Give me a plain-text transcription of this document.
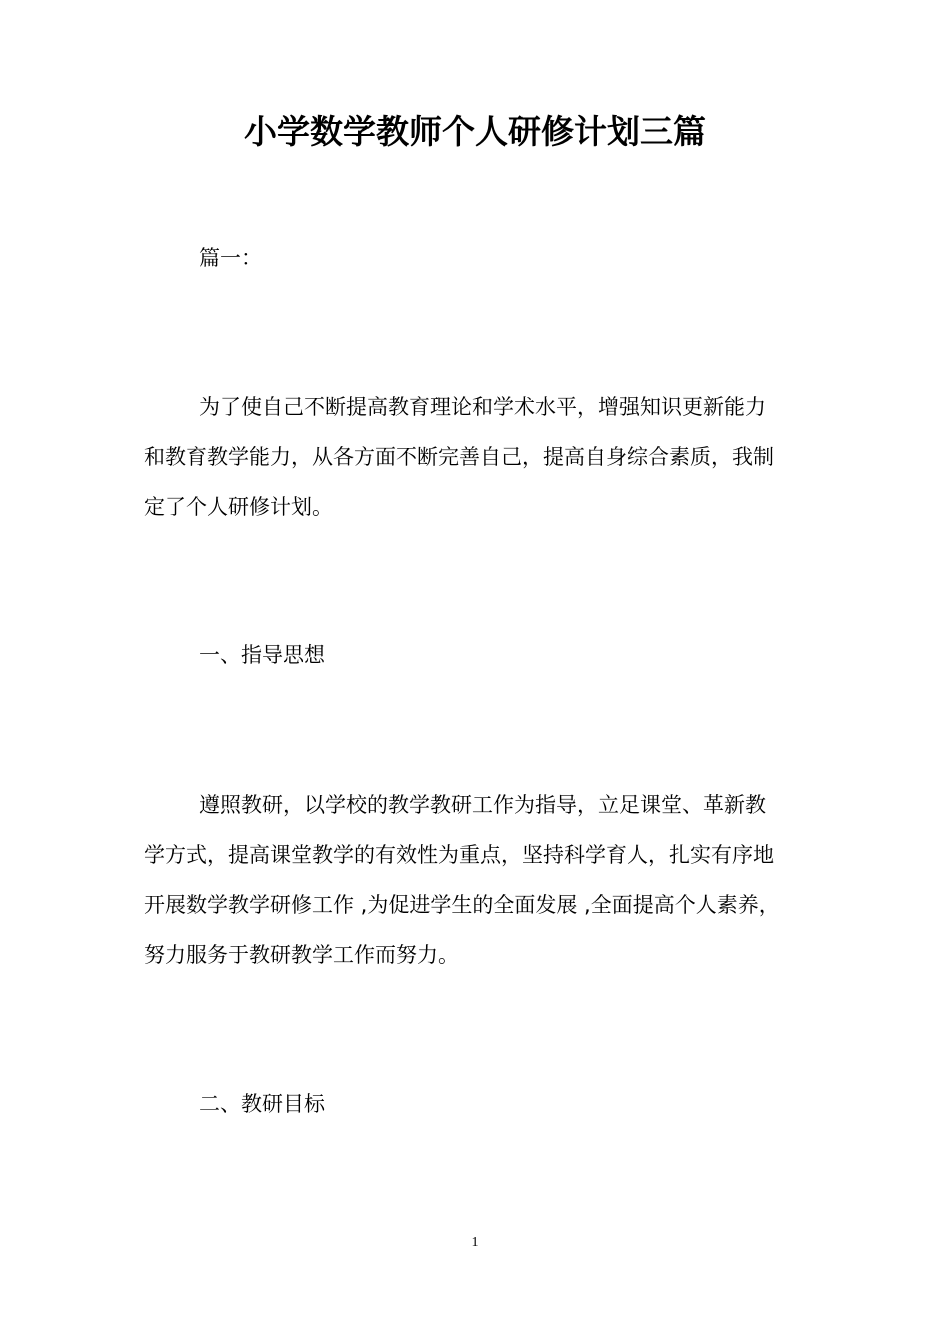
小学数学教师个人研修计划三篇
篇一：
为了使自己不断提高教育理论和学术水平，增强知识更新能力
和教育教学能力，从各方面不断完善自己，提高自身综合素质，我制
定了个人研修计划。
一、指导思想
遵照教研，以学校的教学教研工作为指导，立足课堂、革新教
学方式，提高课堂教学的有效性为重点，坚持科学育人，扎实有序地
开展数学教学研修工作 ,为促进学生的全面发展 ,全面提高个人素养，
努力服务于教研教学工作而努力。
二、教研目标
1
